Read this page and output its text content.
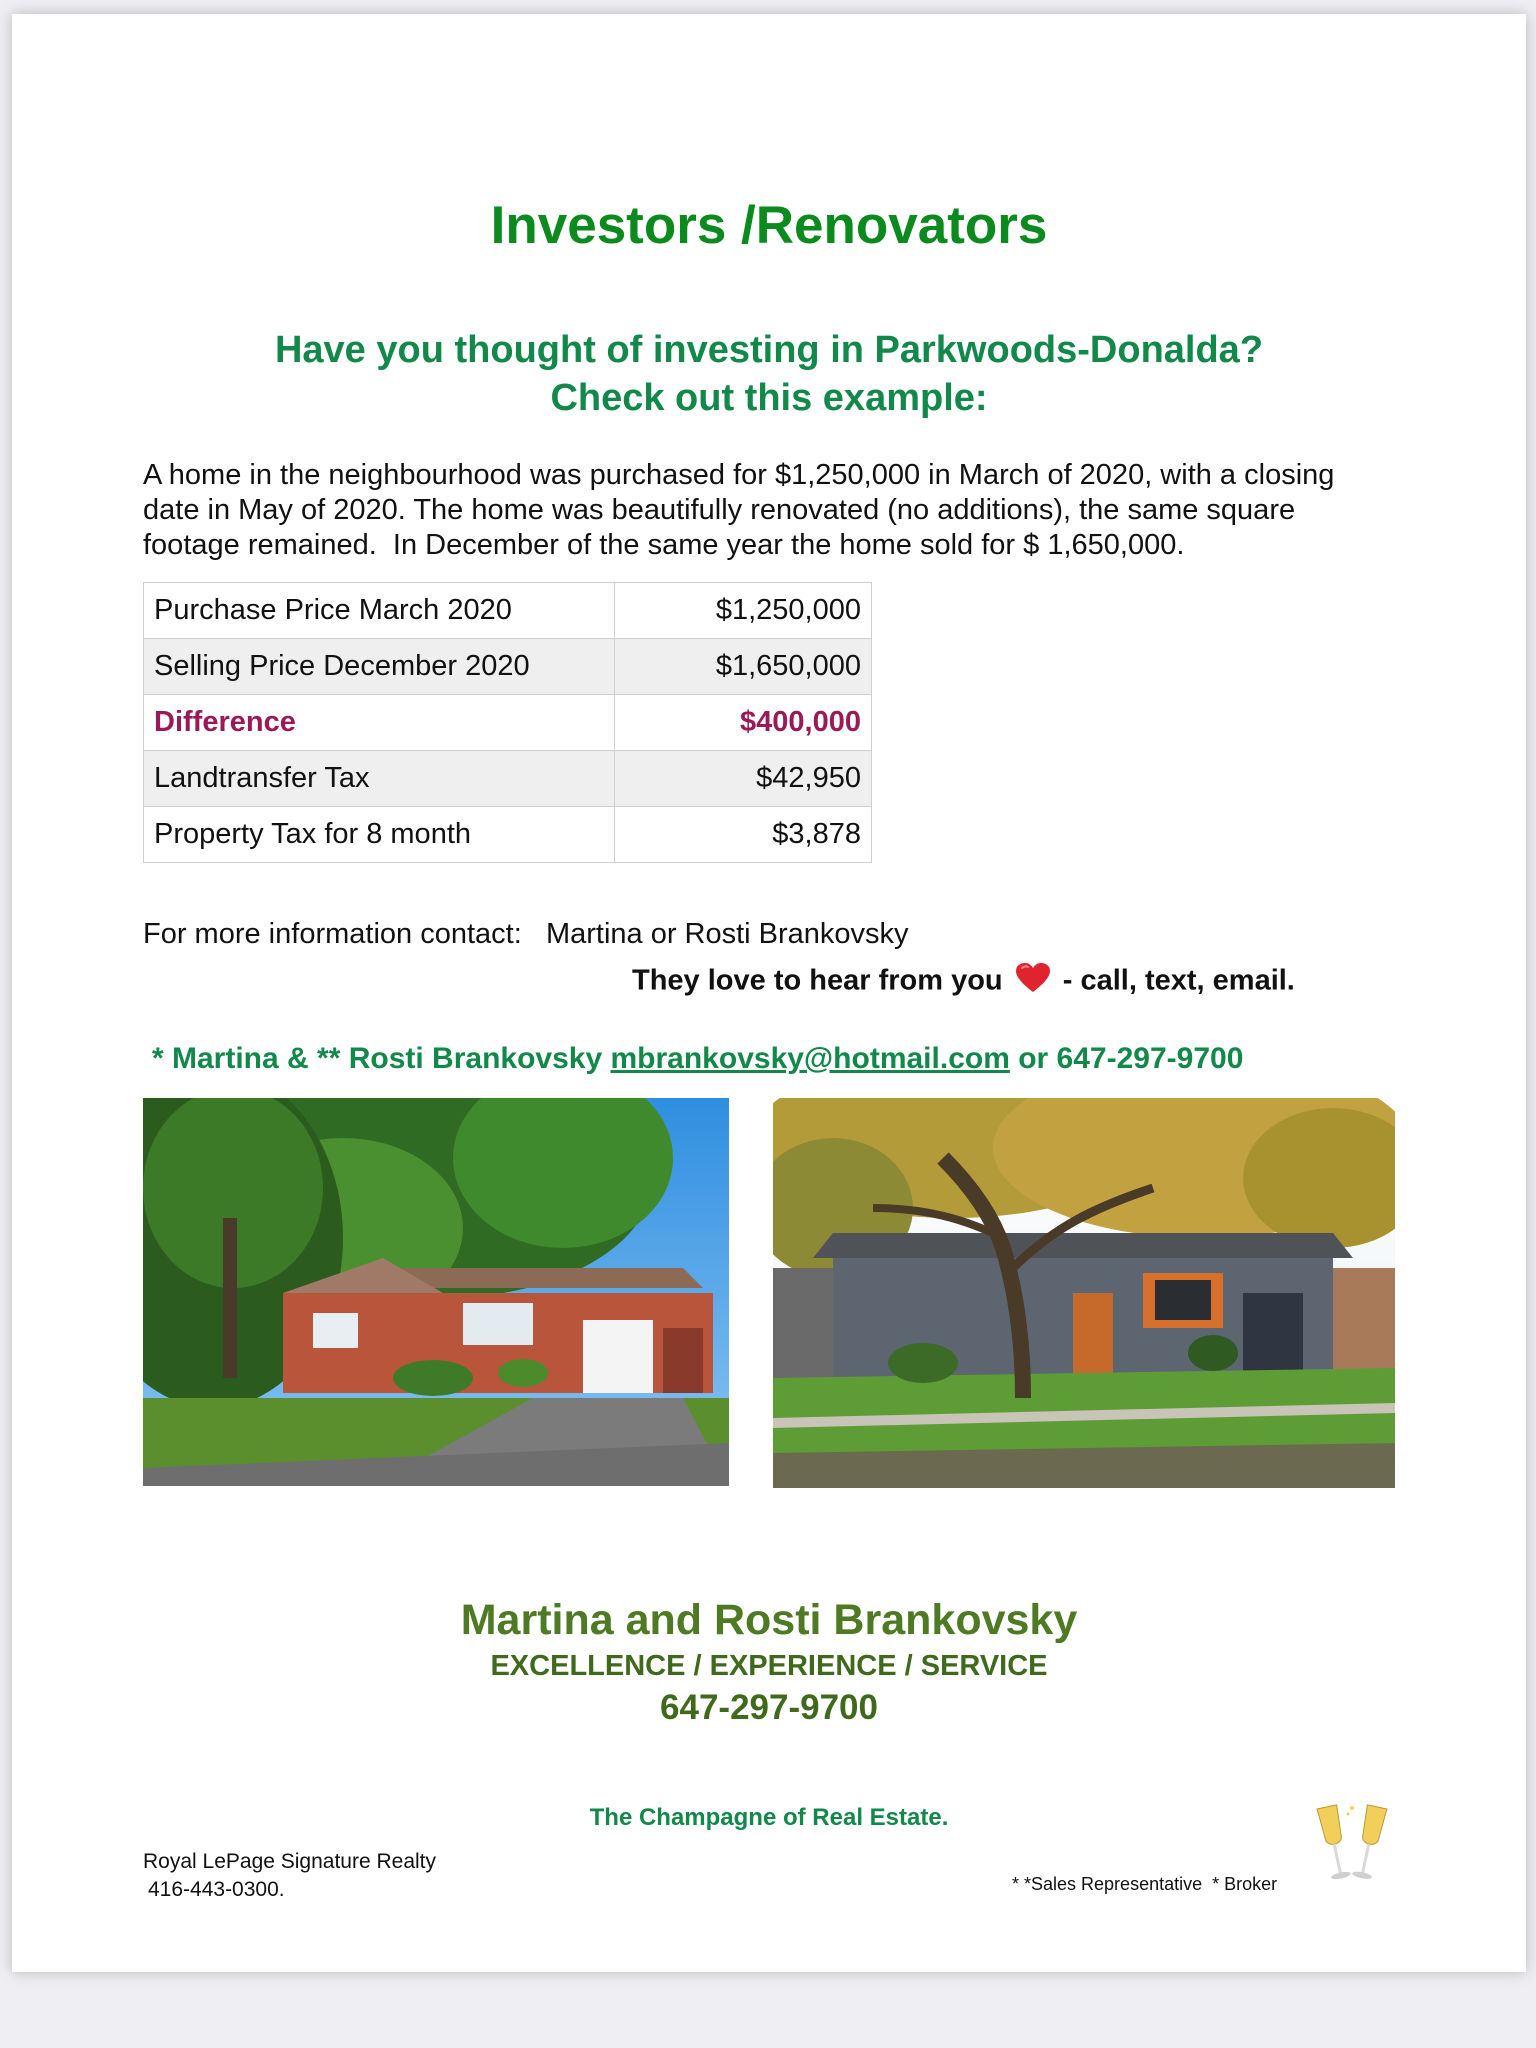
Investors /Renovators
Have you thought of investing in Parkwoods-Donalda?
Check out this example:
A home in the neighbourhood was purchased for $1,250,000 in March of 2020, with a closing
date in May of 2020. The home was beautifully renovated (no additions), the same square
footage remained.  In December of the same year the home sold for $ 1,650,000.
Purchase Price March 2020	$1,250,000
Selling Price December 2020	$1,650,000
Difference	$400,000
Landtransfer Tax	$42,950
Property Tax for 8 month	$3,878
For more information contact: Martina or Rosti Brankovsky
They love to hear from you - call, text, email.
* Martina & ** Rosti Brankovsky mbrankovsky@hotmail.com or 647-297-9700
Martina and Rosti Brankovsky
EXCELLENCE / EXPERIENCE / SERVICE
647-297-9700
The Champagne of Real Estate.
Royal LePage Signature Realty
416-443-0300.	* *Sales Representative  * Broker
